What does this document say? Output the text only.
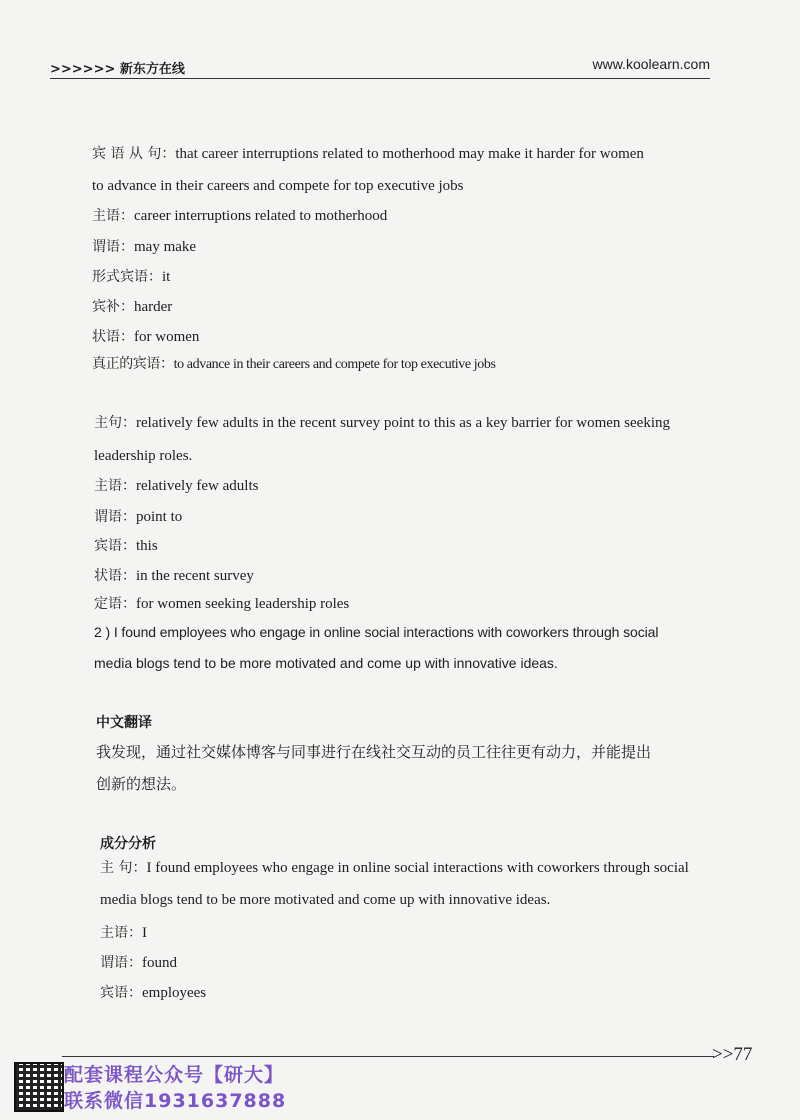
>>>>>> 新东方在线	www.koolearn.com

宾 语 从 句：that career interruptions related to motherhood may make it harder for women

to advance in their careers and compete for top executive jobs

主语：career interruptions related to motherhood

谓语：may make

形式宾语：it

宾补：harder

状语：for women

真正的宾语：to advance in their careers and compete for top executive jobs

主句：relatively few adults in the recent survey point to this as a key barrier for women seeking

leadership roles.

主语：relatively few adults

谓语：point to

宾语：this

状语：in the recent survey

定语：for women seeking leadership roles

2 ) I found employees who engage in online social interactions with coworkers through social

media blogs tend to be more motivated and come up with innovative ideas.

中文翻译

我发现，通过社交媒体博客与同事进行在线社交互动的员工往往更有动力，并能提出

创新的想法。

成分分析

主 句：I found employees who engage in online social interactions with coworkers through social

media blogs tend to be more motivated and come up with innovative ideas.

主语：I

谓语：found

宾语：employees

>>77
配套课程公众号【研大】
联系微信1931637888
